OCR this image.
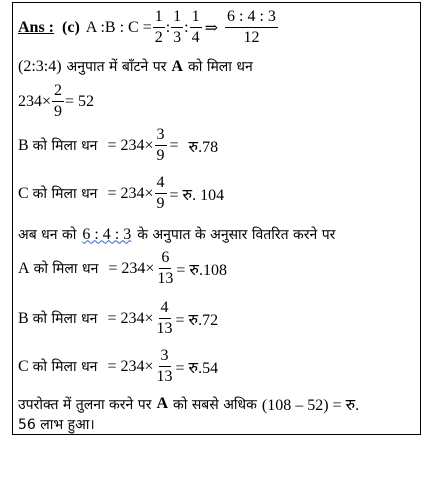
Ans : (c) A :B : $C = \frac{1}{2}$ : $\frac{1}{3}$ : $\frac{1}{4}$ ⇒ $\frac{6 : 4 : 3}{12}$
(2:3:4) अनुपात में बाँटने पर A को मिला धन
$234\times \frac{2}{9} = 52$
B को मिला धन = $234\times \frac{3}{9}$ = रु.78
C को मिला धन = $234\times \frac{4}{9}$ = रु. 104
अब धन को 6 : 4 : 3 के अनुपात के अनुसार वितरित करने पर
A को मिला धन = $234\times \frac{6}{13}$ = रु.108
B को मिला धन = $234\times \frac{4}{13}$ = रु.72
C को मिला धन = $234\times \frac{3}{13}$ = रु.54
उपरोक्त में तुलना करने पर A को सबसे अधिक (108 – 52) = रु.
56 लाभ हुआ।
